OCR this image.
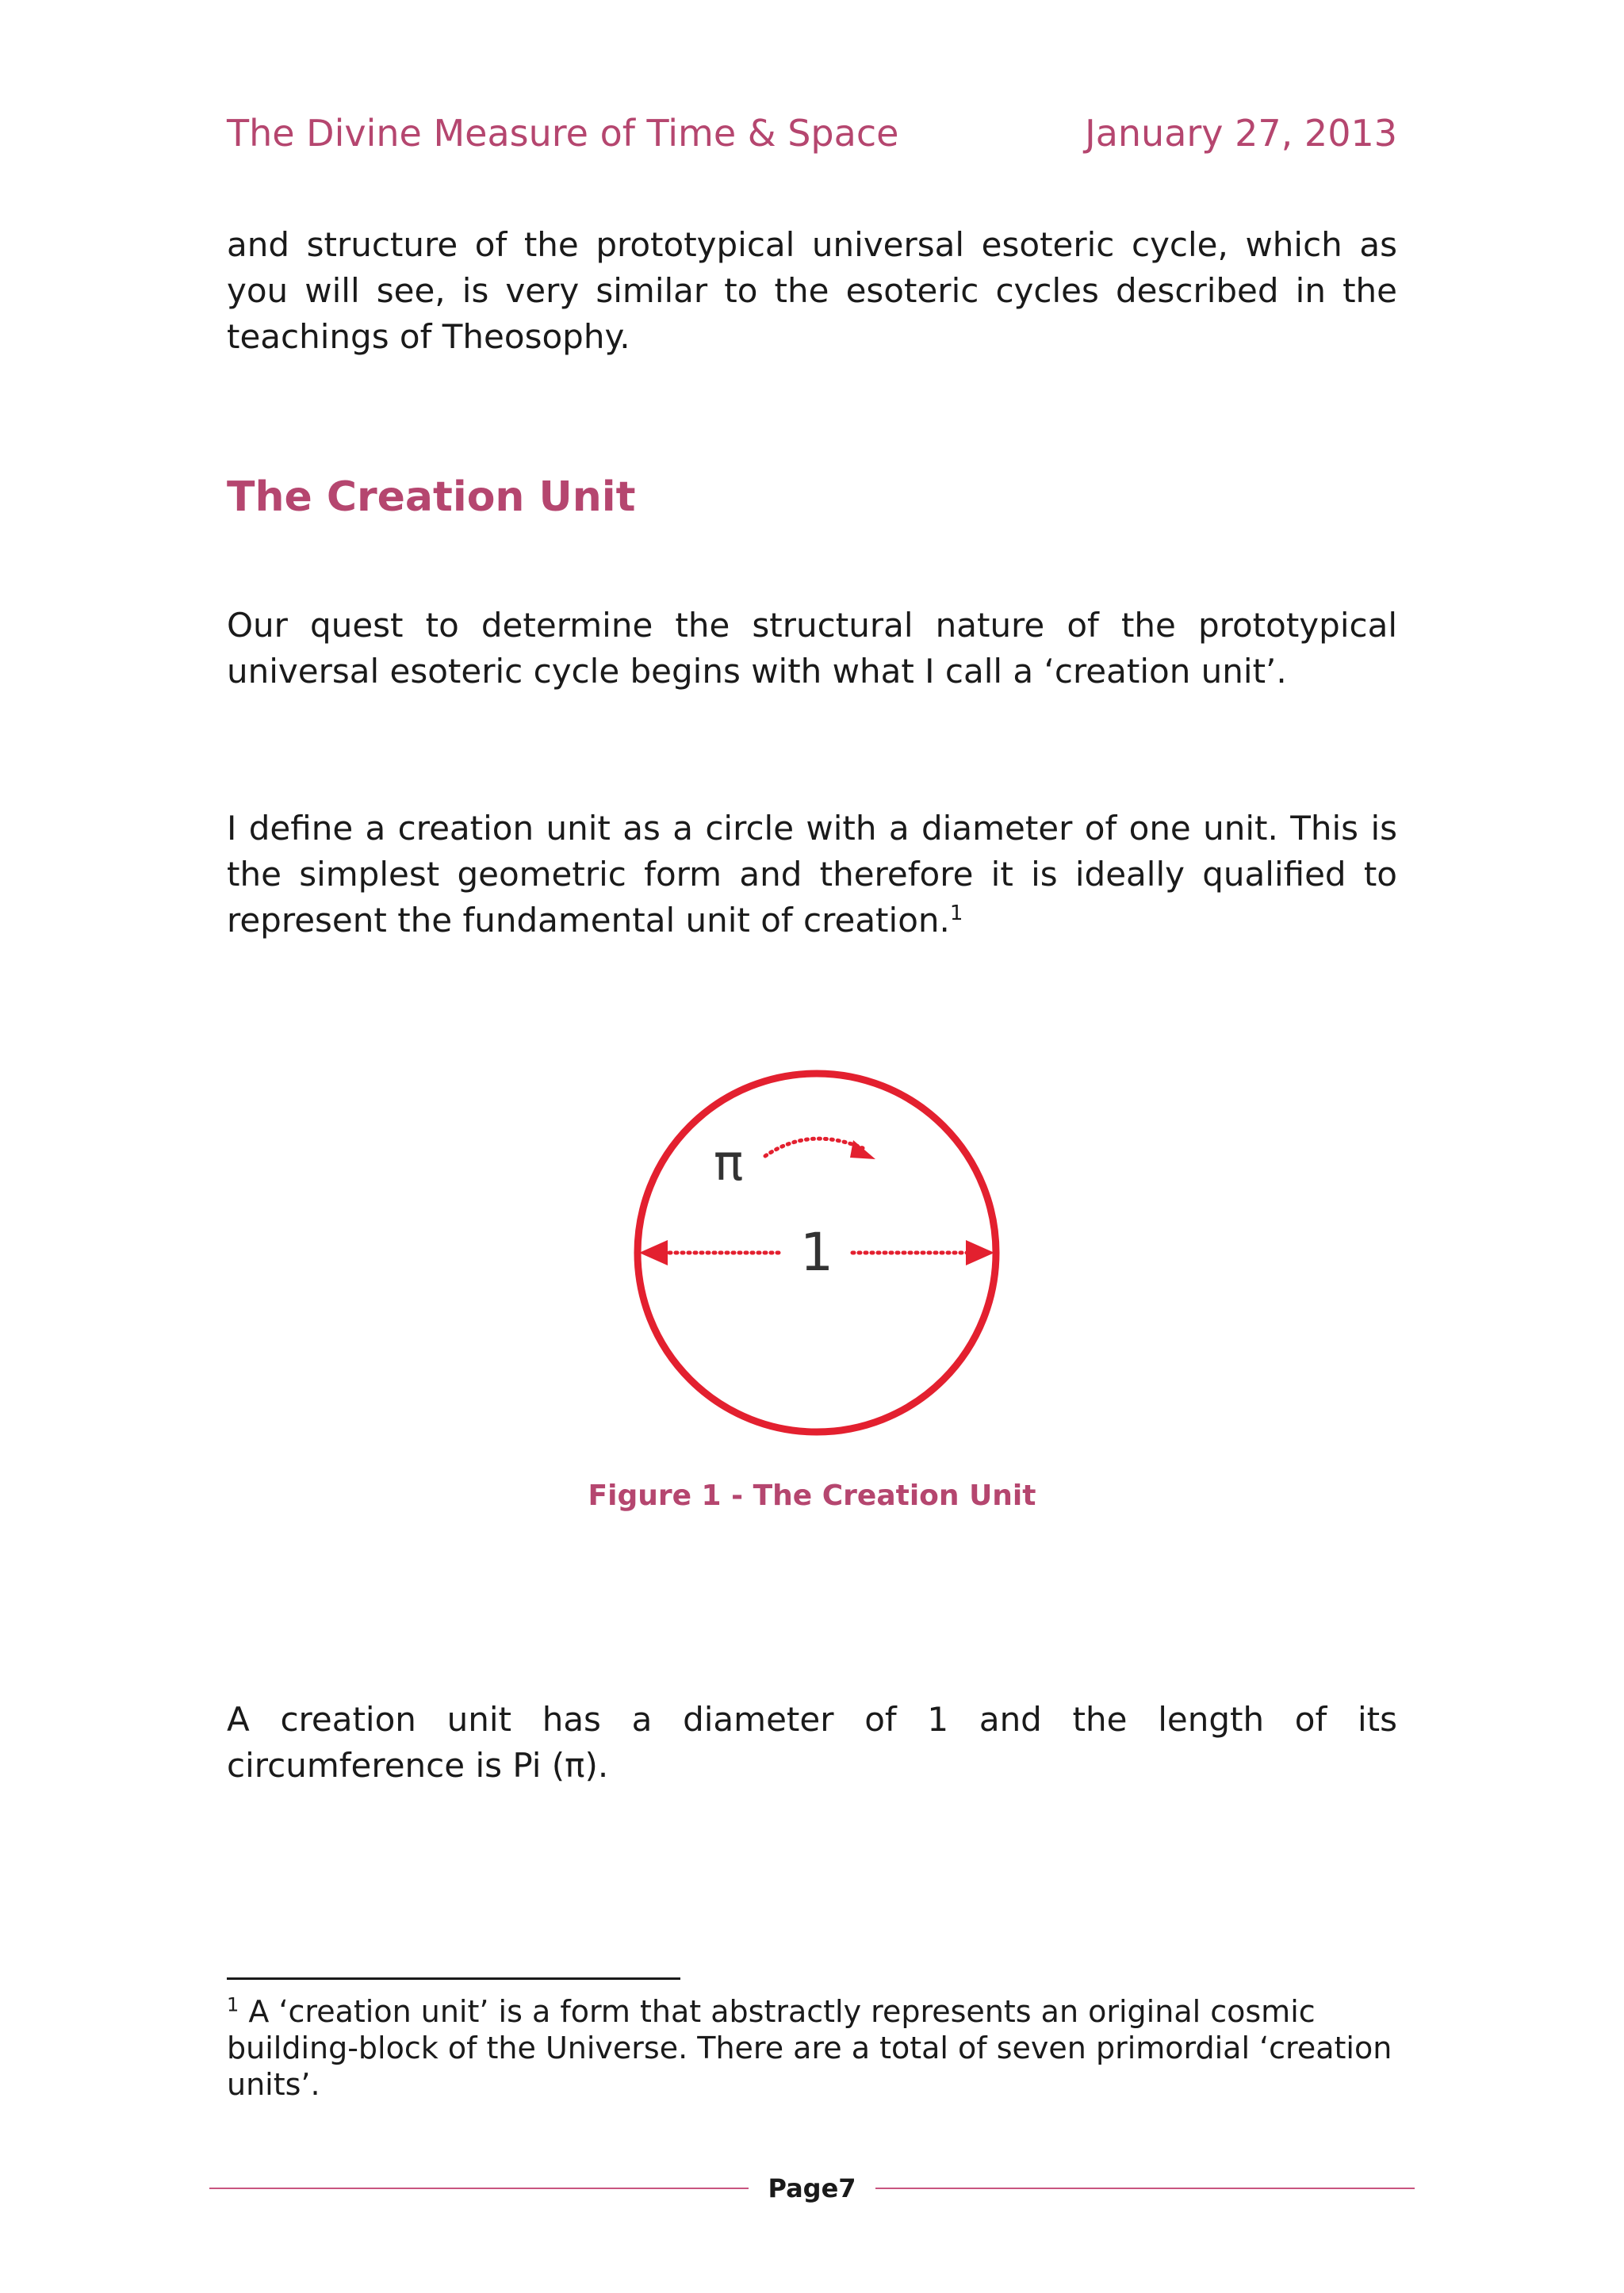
The Divine Measure of Time & Space	January 27, 2013

and structure of the prototypical universal esoteric cycle, which as you will see, is very similar to the esoteric cycles described in the teachings of Theosophy.

The Creation Unit

Our quest to determine the structural nature of the prototypical universal esoteric cycle begins with what I call a ‘creation unit’.

I define a creation unit as a circle with a diameter of one unit. This is the simplest geometric form and therefore it is ideally qualified to represent the fundamental unit of creation.$^1$

π
1
Figure 1 - The Creation Unit

A creation unit has a diameter of 1 and the length of its circumference is Pi (π).

$^1$ A ‘creation unit’ is a form that abstractly represents an original cosmic building-block of the Universe. There are a total of seven primordial ‘creation units’.

Page7
